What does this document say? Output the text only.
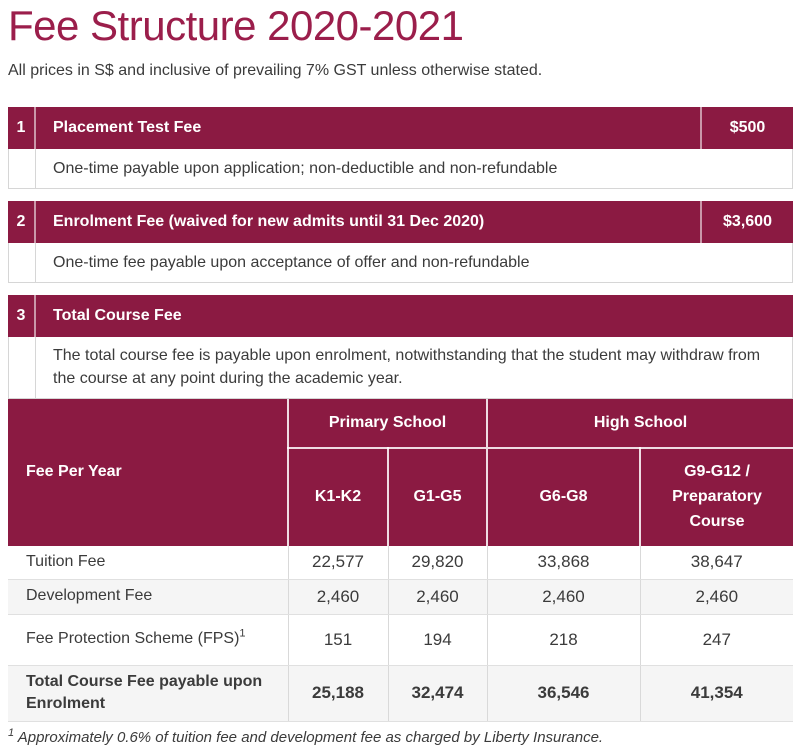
Fee Structure 2020-2021

All prices in S$ and inclusive of prevailing 7% GST unless otherwise stated.

1	Placement Test Fee	$500
One-time payable upon application; non-deductible and non-refundable
2	Enrolment Fee (waived for new admits until 31 Dec 2020)	$3,600
One-time fee payable upon acceptance of offer and non-refundable
3	Total Course Fee
The total course fee is payable upon enrolment, notwithstanding that the student may withdraw from the course at any point during the academic year.
Fee Per Year	Primary School		High School	
	K1-K2	G1-G5	G6-G8	G9-G12 / Preparatory Course
Tuition Fee	22,577	29,820	33,868	38,647
Development Fee	2,460	2,460	2,460	2,460
Fee Protection Scheme (FPS)$^1$	151	194	218	247
Total Course Fee payable upon Enrolment	25,188	32,474	36,546	41,354

$^1$ Approximately 0.6% of tuition fee and development fee as charged by Liberty Insurance.
